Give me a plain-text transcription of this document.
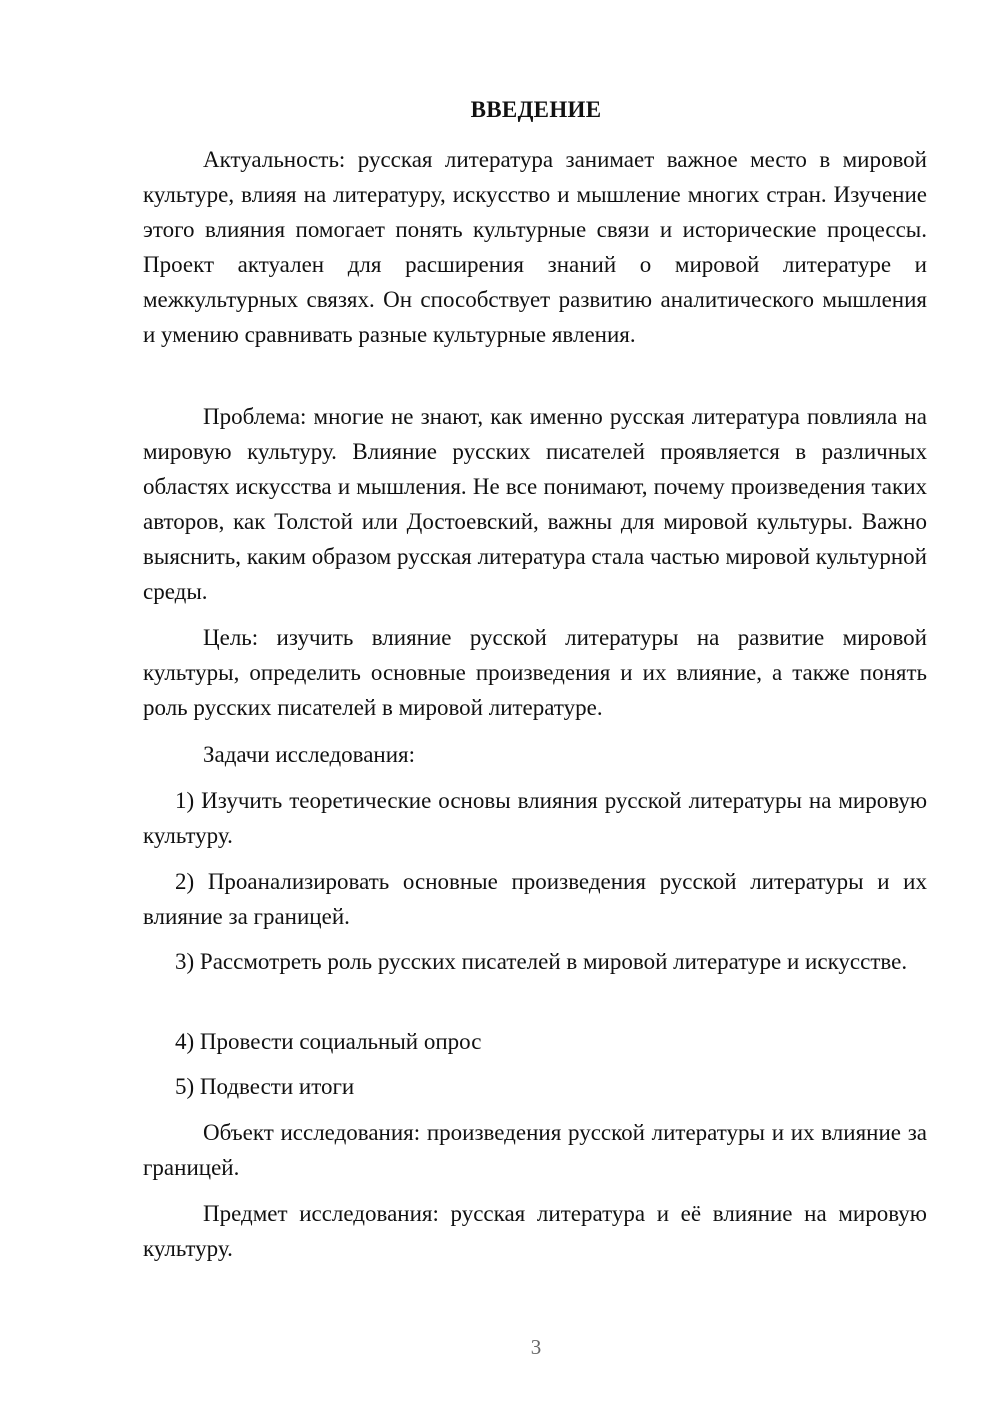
ВВЕДЕНИЕ

Актуальность: русская литература занимает важное место в мировой культуре, влияя на литературу, искусство и мышление многих стран. Изучение этого влияния помогает понять культурные связи и исторические процессы. Проект актуален для расширения знаний о мировой литературе и межкультурных связях. Он способствует развитию аналитического мышления и умению сравнивать разные культурные явления.

Проблема: многие не знают, как именно русская литература повлияла на мировую культуру. Влияние русских писателей проявляется в различных областях искусства и мышления. Не все понимают, почему произведения таких авторов, как Толстой или Достоевский, важны для мировой культуры. Важно выяснить, каким образом русская литература стала частью мировой культурной среды.

Цель: изучить влияние русской литературы на развитие мировой культуры, определить основные произведения и их влияние, а также понять роль русских писателей в мировой литературе.

Задачи исследования:

1) Изучить теоретические основы влияния русской литературы на мировую культуру.

2) Проанализировать основные произведения русской литературы и их влияние за границей.

3) Рассмотреть роль русских писателей в мировой литературе и искусстве.

4) Провести социальный опрос

5) Подвести итоги

Объект исследования: произведения русской литературы и их влияние за границей.

Предмет исследования: русская литература и её влияние на мировую культуру.

3
